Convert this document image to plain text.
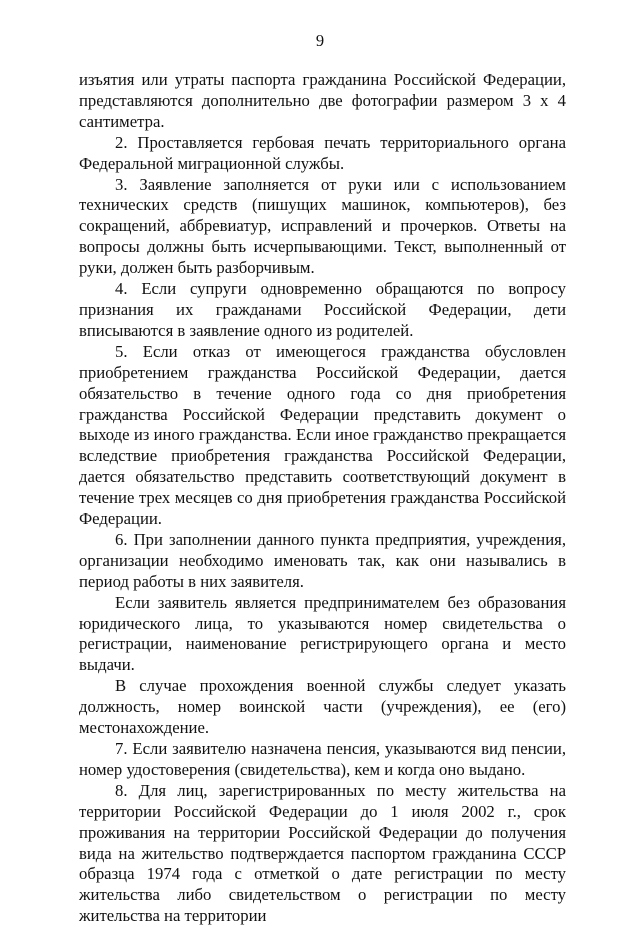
9

изъятия или утраты паспорта гражданина Российской Федерации, представляются дополнительно две фотографии размером 3 х 4 сантиметра.

2. Проставляется гербовая печать территориального органа Федеральной миграционной службы.

3. Заявление заполняется от руки или с использованием технических средств (пишущих машинок, компьютеров), без сокращений, аббревиатур, исправлений и прочерков. Ответы на вопросы должны быть исчерпывающими. Текст, выполненный от руки, должен быть разборчивым.

4. Если супруги одновременно обращаются по вопросу признания их гражданами Российской Федерации, дети вписываются в заявление одного из родителей.

5. Если отказ от имеющегося гражданства обусловлен приобретением гражданства Российской Федерации, дается обязательство в течение одного года со дня приобретения гражданства Российской Федерации представить документ о выходе из иного гражданства. Если иное гражданство прекращается вследствие приобретения гражданства Российской Федерации, дается обязательство представить соответствующий документ в течение трех месяцев со дня приобретения гражданства Российской Федерации.

6. При заполнении данного пункта предприятия, учреждения, организации необходимо именовать так, как они назывались в период работы в них заявителя.

Если заявитель является предпринимателем без образования юридического лица, то указываются номер свидетельства о регистрации, наименование регистрирующего органа и место выдачи.

В случае прохождения военной службы следует указать должность, номер воинской части (учреждения), ее (его) местонахождение.

7. Если заявителю назначена пенсия, указываются вид пенсии, номер удостоверения (свидетельства), кем и когда оно выдано.

8. Для лиц, зарегистрированных по месту жительства на территории Российской Федерации до 1 июля 2002 г., срок проживания на территории Российской Федерации до получения вида на жительство подтверждается паспортом гражданина СССР образца 1974 года с отметкой о дате регистрации по месту жительства либо свидетельством о регистрации по месту жительства на территории
